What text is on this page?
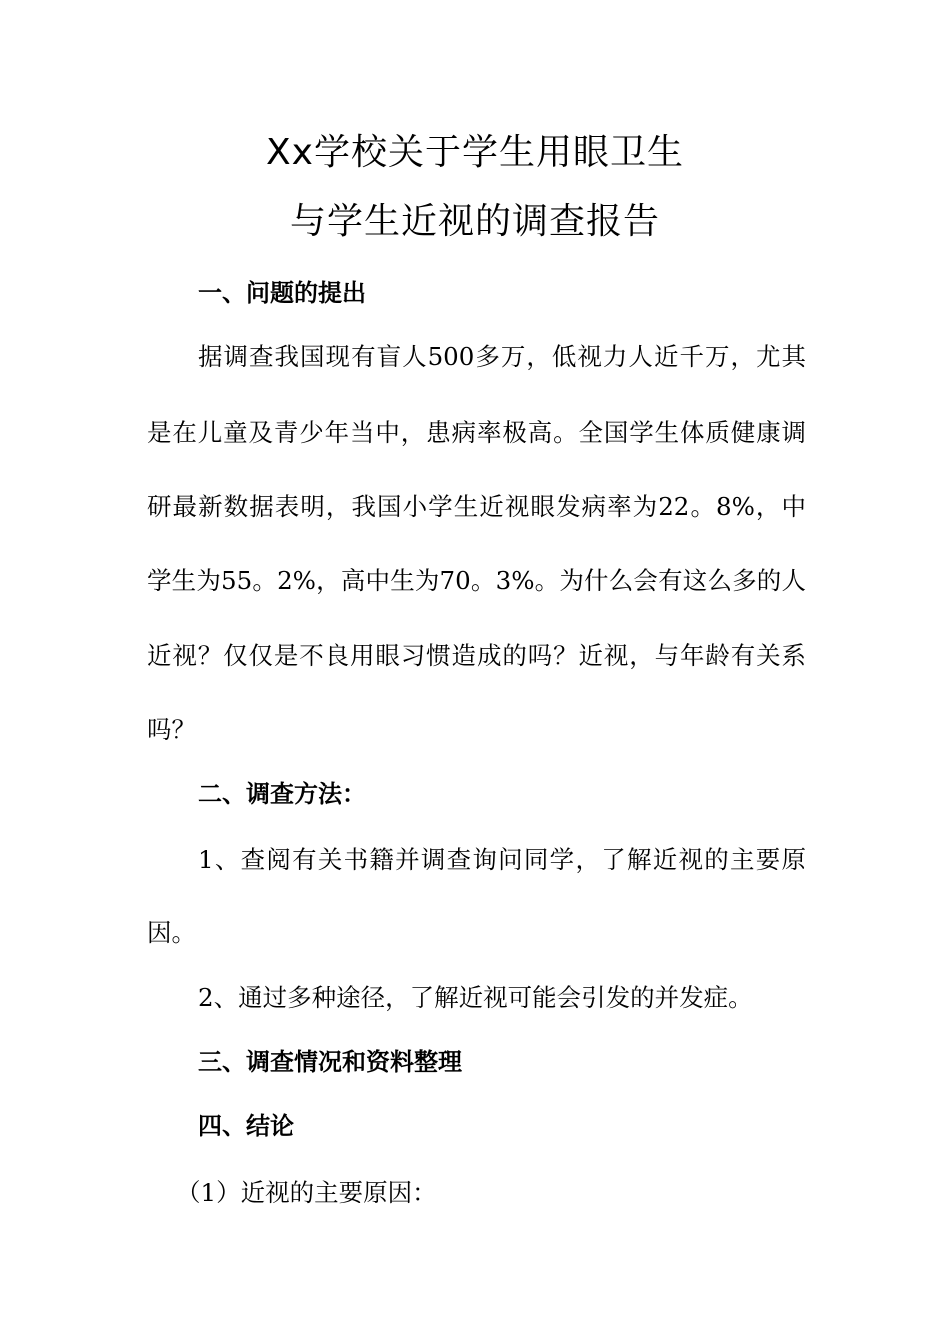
Xx学校关于学生用眼卫生
与学生近视的调查报告
一、问题的提出
据调查我国现有盲人500多万，低视力人近千万，尤其
是在儿童及青少年当中，患病率极高。全国学生体质健康调
研最新数据表明，我国小学生近视眼发病率为22。8%，中
学生为55。2%，高中生为70。3%。为什么会有这么多的人
近视？仅仅是不良用眼习惯造成的吗？近视，与年龄有关系
吗？
二、调查方法：
1、查阅有关书籍并调查询问同学，了解近视的主要原
因。
2、通过多种途径，了解近视可能会引发的并发症。
三、调查情况和资料整理
四、结论
（1）近视的主要原因：
